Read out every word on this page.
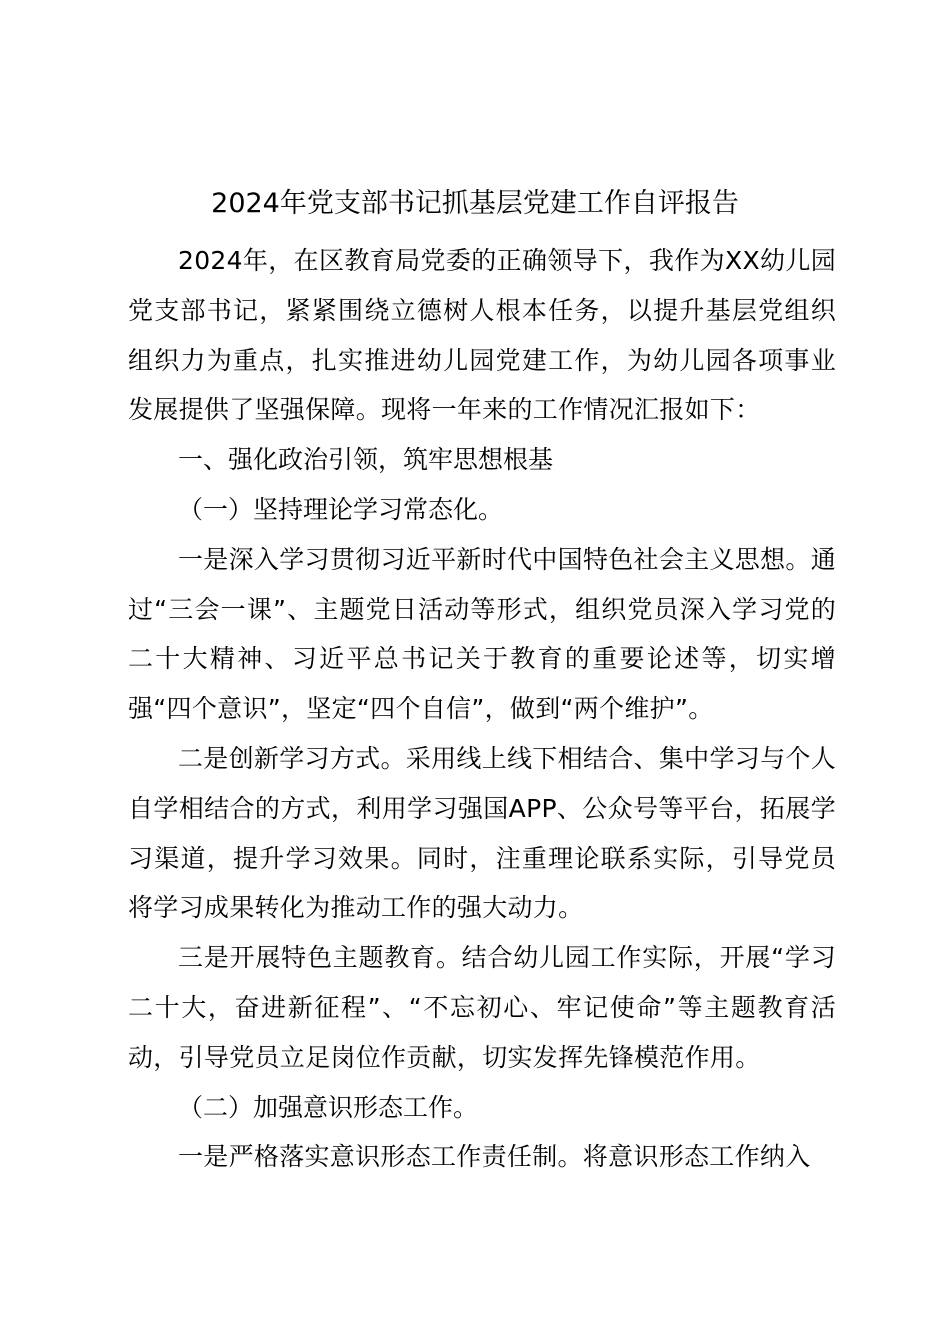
2024年党支部书记抓基层党建工作自评报告

2024年，在区教育局党委的正确领导下，我作为XX幼儿园党支部书记，紧紧围绕立德树人根本任务，以提升基层党组织组织力为重点，扎实推进幼儿园党建工作，为幼儿园各项事业发展提供了坚强保障。现将一年来的工作情况汇报如下：

一、强化政治引领，筑牢思想根基

（一）坚持理论学习常态化。

一是深入学习贯彻习近平新时代中国特色社会主义思想。通过“三会一课”、主题党日活动等形式，组织党员深入学习党的二十大精神、习近平总书记关于教育的重要论述等，切实增强“四个意识”，坚定“四个自信”，做到“两个维护”。

二是创新学习方式。采用线上线下相结合、集中学习与个人自学相结合的方式，利用学习强国APP、公众号等平台，拓展学习渠道，提升学习效果。同时，注重理论联系实际，引导党员将学习成果转化为推动工作的强大动力。

三是开展特色主题教育。结合幼儿园工作实际，开展“学习二十大，奋进新征程”、“不忘初心、牢记使命”等主题教育活动，引导党员立足岗位作贡献，切实发挥先锋模范作用。

（二）加强意识形态工作。

一是严格落实意识形态工作责任制。将意识形态工作纳入
